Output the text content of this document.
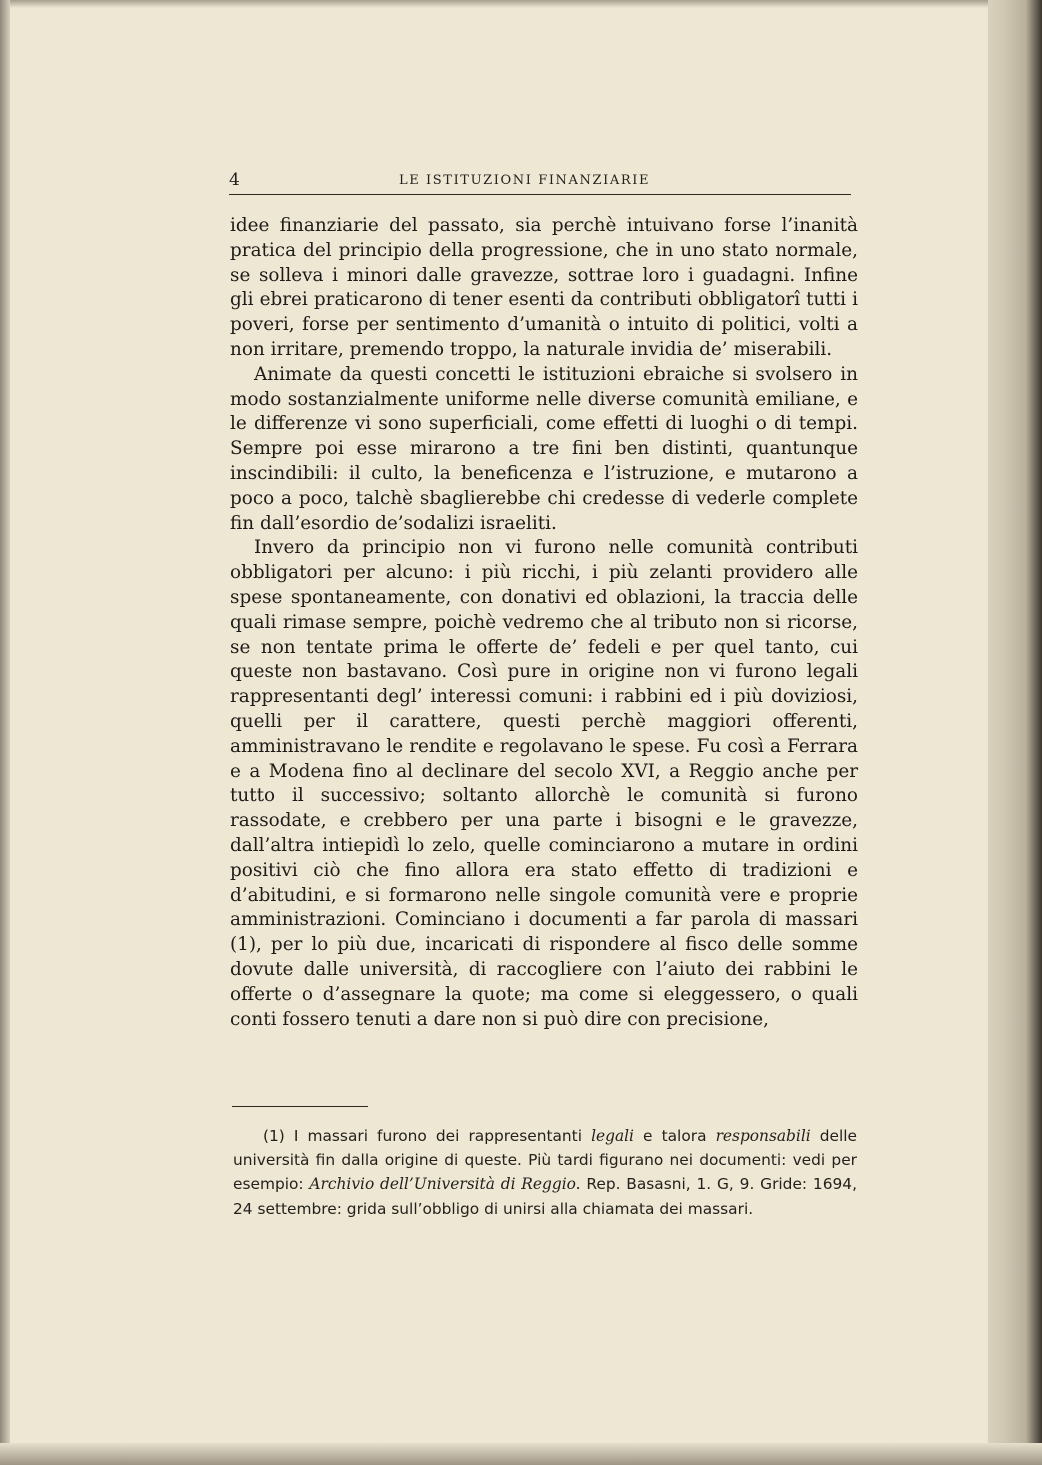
4	LE ISTITUZIONI FINANZIARIE

idee finanziarie del passato, sia perchè intuivano forse l’inanità pratica del principio della progressione, che in uno stato normale, se solleva i minori dalle gravezze, sottrae loro i guadagni. Infine gli ebrei praticarono di tener esenti da contributi obbligatorî tutti i poveri, forse per sentimento d’umanità o intuito di politici, volti a non irritare, premendo troppo, la naturale invidia de’ miserabili.

Animate da questi concetti le istituzioni ebraiche si svolsero in modo sostanzialmente uniforme nelle diverse comunità emiliane, e le differenze vi sono superficiali, come effetti di luoghi o di tempi. Sempre poi esse mirarono a tre fini ben distinti, quantunque inscindibili: il culto, la beneficenza e l’istruzione, e mutarono a poco a poco, talchè sbaglierebbe chi credesse di vederle complete fin dall’esordio de’sodalizi israeliti.

Invero da principio non vi furono nelle comunità contributi obbligatori per alcuno: i più ricchi, i più zelanti providero alle spese spontaneamente, con donativi ed oblazioni, la traccia delle quali rimase sempre, poichè vedremo che al tributo non si ricorse, se non tentate prima le offerte de’ fedeli e per quel tanto, cui queste non bastavano. Così pure in origine non vi furono legali rappresentanti degl’ interessi comuni: i rabbini ed i più doviziosi, quelli per il carattere, questi perchè maggiori offerenti, amministravano le rendite e regolavano le spese. Fu così a Ferrara e a Modena fino al declinare del secolo XVI, a Reggio anche per tutto il successivo; soltanto allorchè le comunità si furono rassodate, e crebbero per una parte i bisogni e le gravezze, dall’altra intiepidì lo zelo, quelle cominciarono a mutare in ordini positivi ciò che fino allora era stato effetto di tradizioni e d’abitudini, e si formarono nelle singole comunità vere e proprie amministrazioni. Cominciano i documenti a far parola di massari (1), per lo più due, incaricati di rispondere al fisco delle somme dovute dalle università, di raccogliere con l’aiuto dei rabbini le offerte o d’assegnare la quote; ma come si eleggessero, o quali conti fossero tenuti a dare non si può dire con precisione,

(1) I massari furono dei rappresentanti legali e talora responsabili delle università fin dalla origine di queste. Più tardi figurano nei documenti: vedi per esempio: Archivio dell’Università di Reggio. Rep. Basasni, 1. G, 9. Gride: 1694, 24 settembre: grida sull’obbligo di unirsi alla chiamata dei massari.
